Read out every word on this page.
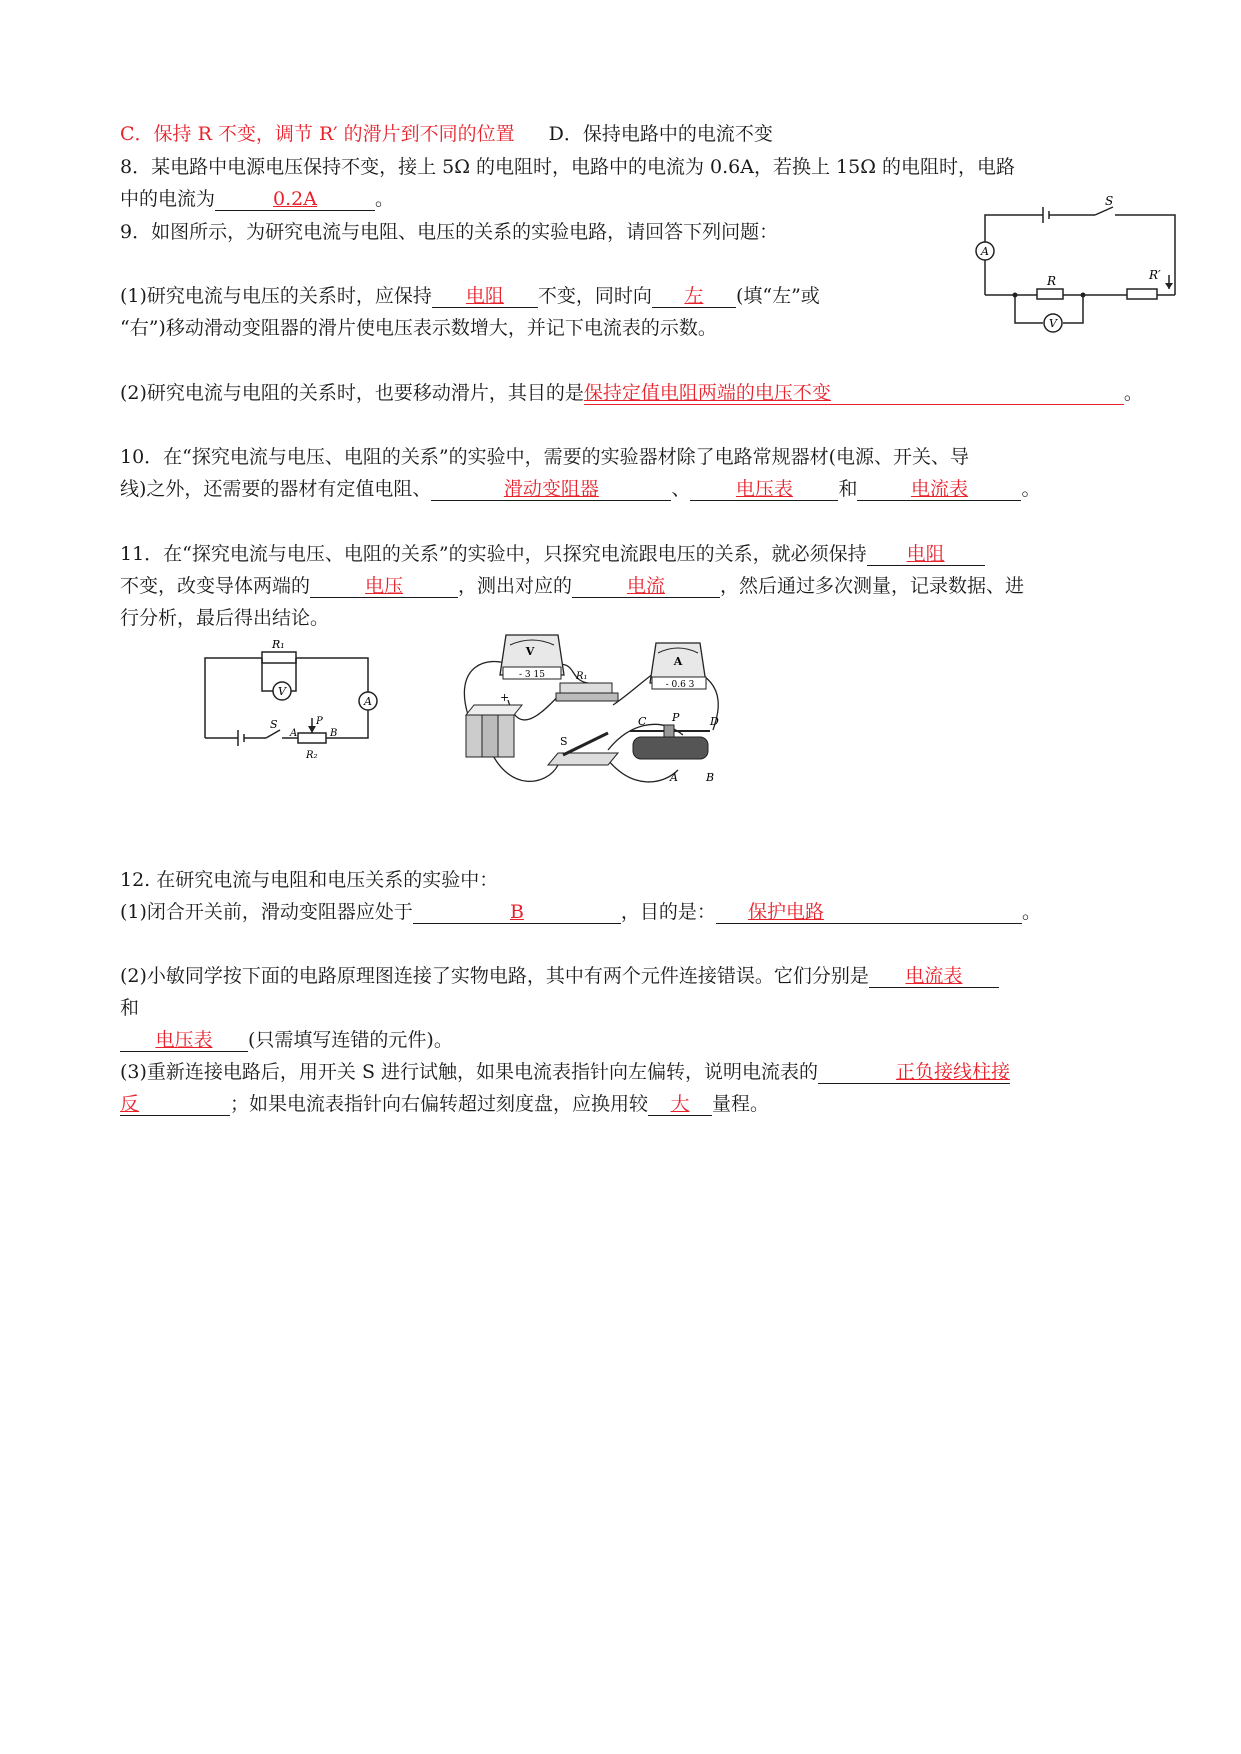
C．保持 R 不变，调节 R′ 的滑片到不同的位置 D．保持电路中的电流不变
8．某电路中电源电压保持不变，接上 5Ω 的电阻时，电路中的电流为 0.6A，若换上 15Ω 的电阻时，电路
中的电流为	0.2A	。
9．如图所示，为研究电流与电阻、电压的关系的实验电路，请回答下列问题：
(1)研究电流与电压的关系时，应保持 电阻 不变，同时向 左 (填“左”或
“右”)移动滑动变阻器的滑片使电压表示数增大，并记下电流表的示数。
(2)研究电流与电阻的关系时，也要移动滑片，其目的是保持定值电阻两端的电压不变	。
A
V
S
R	R′
10．在“探究电流与电压、电阻的关系”的实验中，需要的实验器材除了电路常规器材(电源、开关、导
线)之外，还需要的器材有定值电阻、	滑动变阻器	、 电压表 和	电流表	。
11．在“探究电流与电压、电阻的关系”的实验中，只探究电流跟电压的关系，就必须保持 电阻
不变，改变导体两端的	电压	，测出对应的	电流	，然后通过多次测量，记录数据、进
行分析，最后得出结论。
V
A
R₁
S
A
P
B
R₂
V
- 3 15
A
- 0.6 3
R₁
+
S
C P	D
A	B
12. 在研究电流与电阻和电压关系的实验中：
(1)闭合开关前，滑动变阻器应处于	B	，目的是： 保护电路	。
(2)小敏同学按下面的电路原理图连接了实物电路，其中有两个元件连接错误。它们分别是 电流表
和
电压表 (只需填写连错的元件)。
(3)重新连接电路后，用开关 S 进行试触，如果电流表指针向左偏转，说明电流表的	正负接线柱接
反	；如果电流表指针向右偏转超过刻度盘，应换用较 大 量程。
